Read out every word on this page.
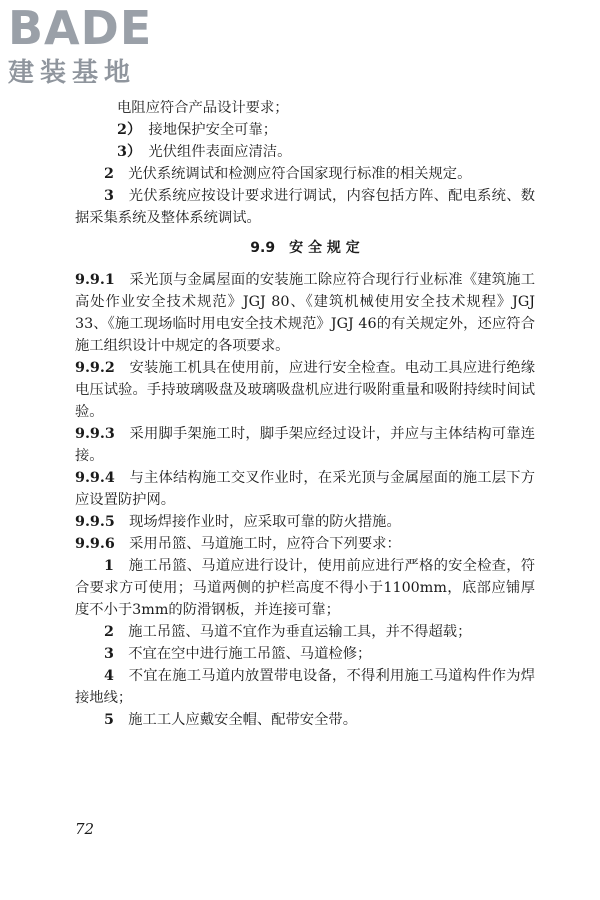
BADE
建装基地

电阻应符合产品设计要求；

2）　接地保护安全可靠；

3）　光伏组件表面应清洁。

2　光伏系统调试和检测应符合国家现行标准的相关规定。

3　光伏系统应按设计要求进行调试，内容包括方阵、配电系统、数据采集系统及整体系统调试。

9.9　安 全 规 定

9.9.1　采光顶与金属屋面的安装施工除应符合现行行业标准《建筑施工高处作业安全技术规范》JGJ 80、《建筑机械使用安全技术规程》JGJ 33、《施工现场临时用电安全技术规范》JGJ 46的有关规定外，还应符合施工组织设计中规定的各项要求。

9.9.2　安装施工机具在使用前，应进行安全检查。电动工具应进行绝缘电压试验。手持玻璃吸盘及玻璃吸盘机应进行吸附重量和吸附持续时间试验。

9.9.3　采用脚手架施工时，脚手架应经过设计，并应与主体结构可靠连接。

9.9.4　与主体结构施工交叉作业时，在采光顶与金属屋面的施工层下方应设置防护网。

9.9.5　现场焊接作业时，应采取可靠的防火措施。

9.9.6　采用吊篮、马道施工时，应符合下列要求：

1　施工吊篮、马道应进行设计，使用前应进行严格的安全检查，符合要求方可使用；马道两侧的护栏高度不得小于1100mm，底部应铺厚度不小于3mm的防滑钢板，并连接可靠；

2　施工吊篮、马道不宜作为垂直运输工具，并不得超载；

3　不宜在空中进行施工吊篮、马道检修；

4　不宜在施工马道内放置带电设备，不得利用施工马道构件作为焊接地线；

5　施工工人应戴安全帽、配带安全带。

72
